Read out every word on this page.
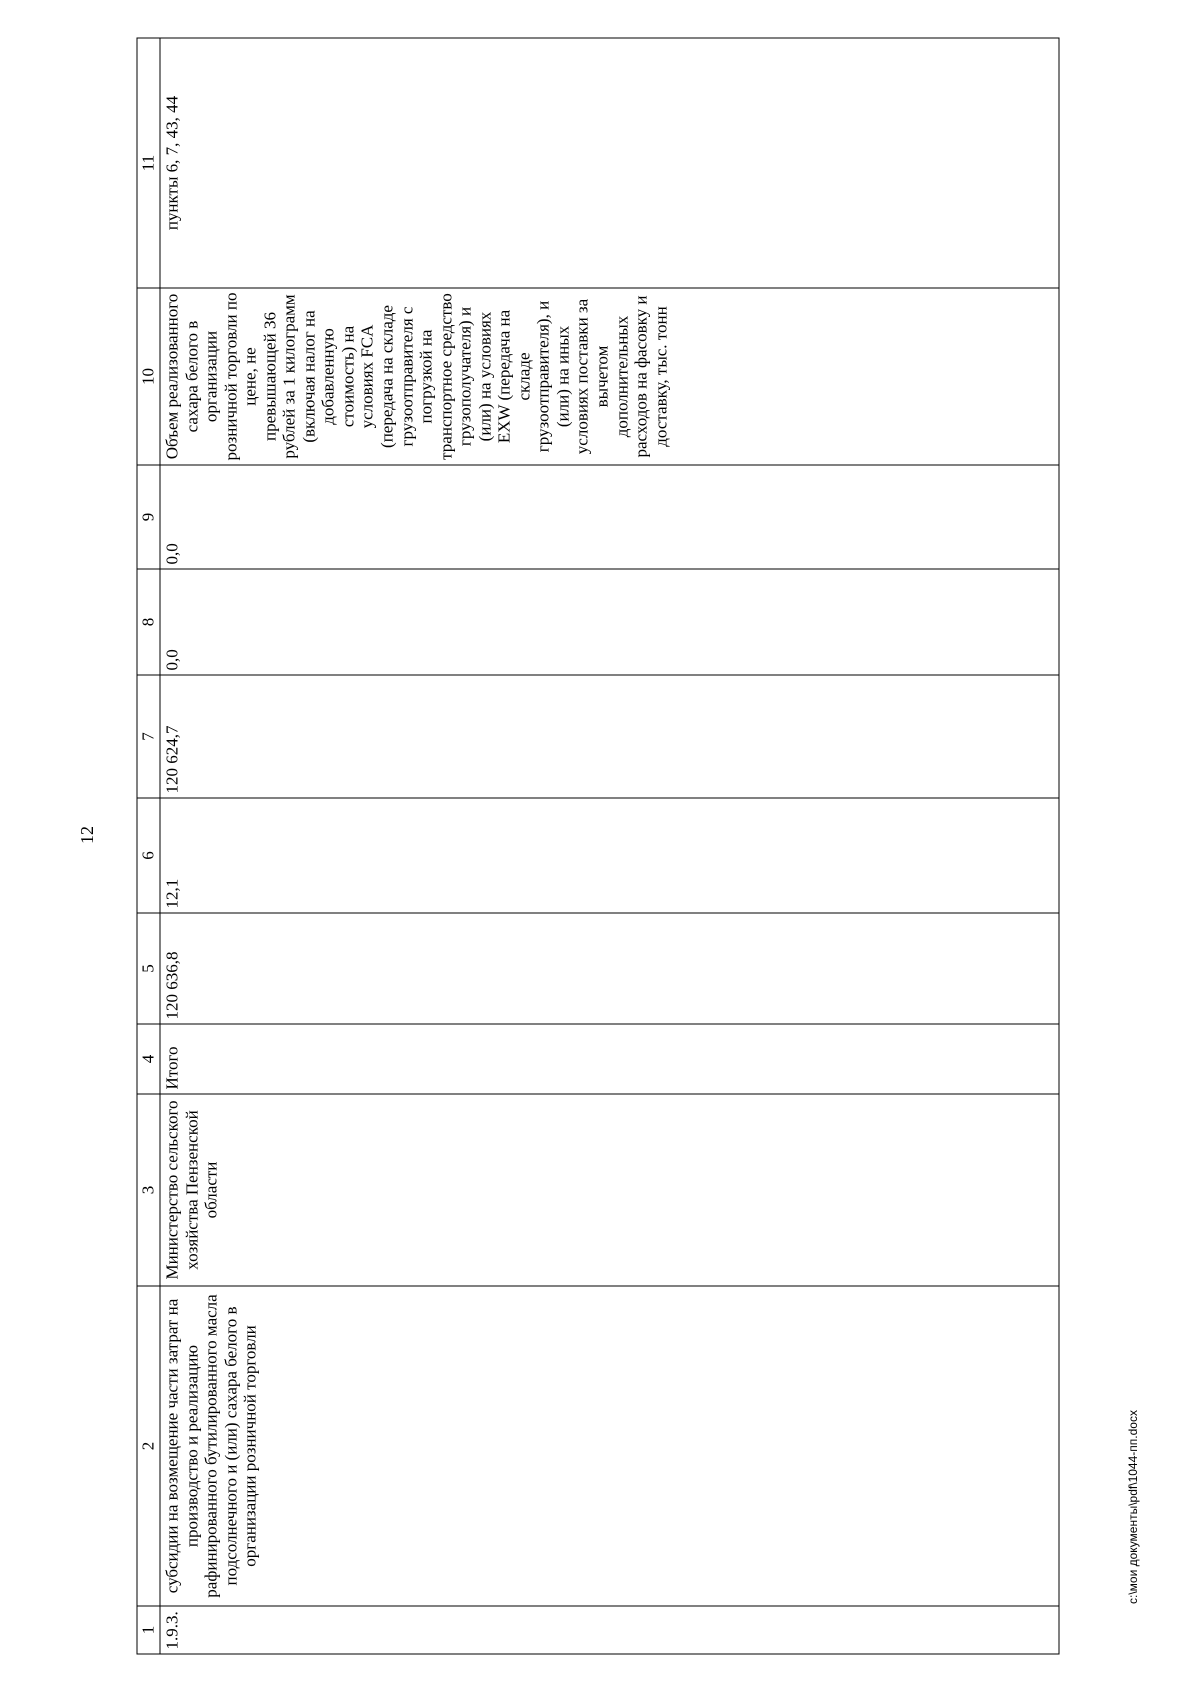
12
c:\мои документы\pdf\1044-пп.docx
1	2	3	4	5	6	7	8	9	10	11
1.9.3.	субсидии на возмещение части затрат на производство и реализацию рафинированного бутилированного масла подсолнечного и (или) сахара белого в организации розничной торговли	Министерство сельского хозяйства Пензенской области	Итого	120 636,8	12,1	120 624,7	0,0	0,0	Объем реализованного сахара белого в организации розничной торговли по цене, не превышающей 36 рублей за 1 килограмм (включая налог на добавленную стоимость) на условиях FCA (передача на складе грузоотправителя с погрузкой на транспортное средство грузополучателя) и (или) на условиях EXW (передача на складе грузоотправителя), и (или) на иных условиях поставки за вычетом дополнительных расходов на фасовку и доставку, тыс. тонн	пункты 6, 7, 43, 44
